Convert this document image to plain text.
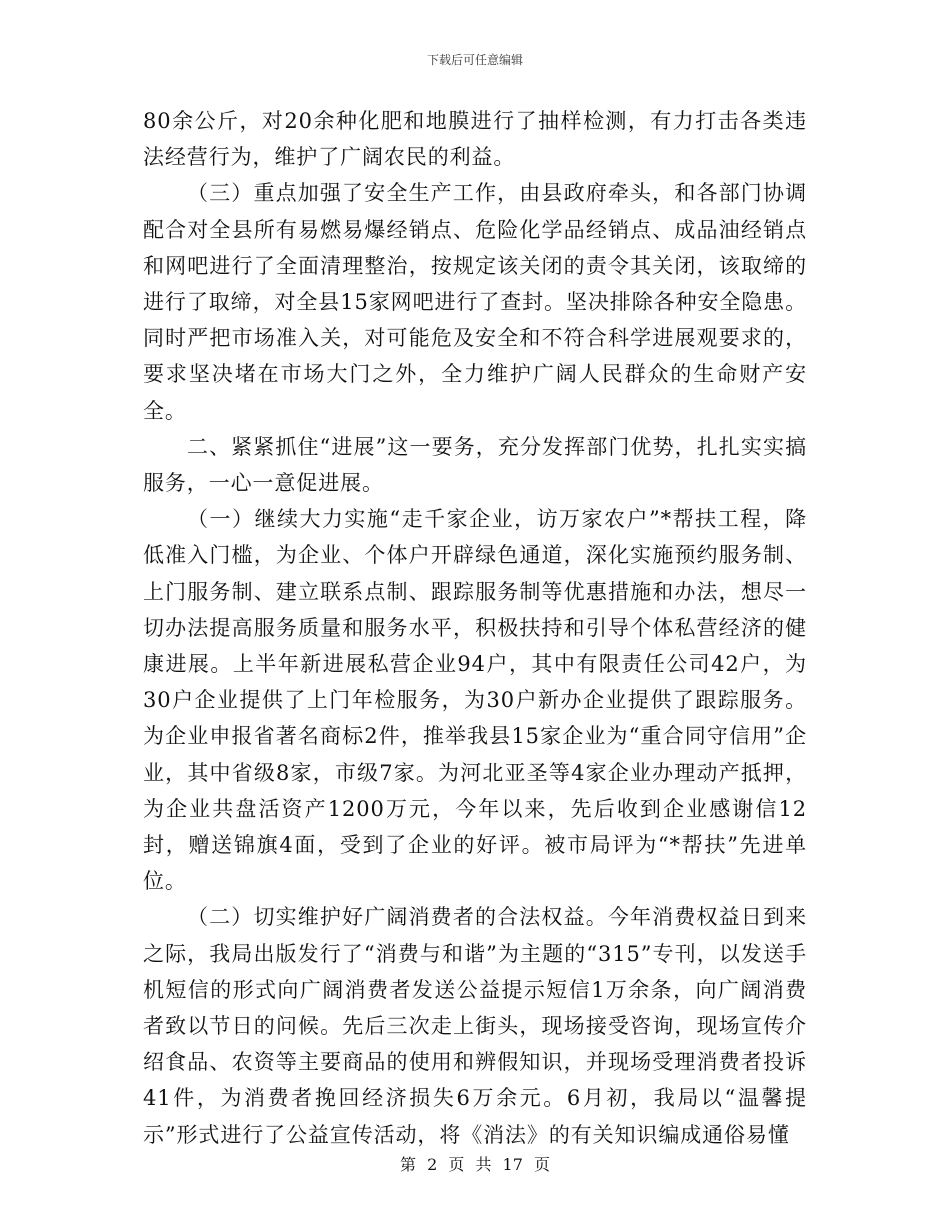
下载后可任意编辑

80余公斤，对20余种化肥和地膜进行了抽样检测，有力打击各类违法经营行为，维护了广阔农民的利益。

（三）重点加强了安全生产工作，由县政府牵头，和各部门协调配合对全县所有易燃易爆经销点、危险化学品经销点、成品油经销点和网吧进行了全面清理整治，按规定该关闭的责令其关闭，该取缔的进行了取缔，对全县15家网吧进行了查封。坚决排除各种安全隐患。同时严把市场准入关，对可能危及安全和不符合科学进展观要求的，要求坚决堵在市场大门之外，全力维护广阔人民群众的生命财产安全。

二、紧紧抓住“进展”这一要务，充分发挥部门优势，扎扎实实搞服务，一心一意促进展。

（一）继续大力实施“走千家企业，访万家农户”*帮扶工程，降低准入门槛，为企业、个体户开辟绿色通道，深化实施预约服务制、上门服务制、建立联系点制、跟踪服务制等优惠措施和办法，想尽一切办法提高服务质量和服务水平，积极扶持和引导个体私营经济的健康进展。上半年新进展私营企业94户，其中有限责任公司42户，为30户企业提供了上门年检服务，为30户新办企业提供了跟踪服务。为企业申报省著名商标2件，推举我县15家企业为“重合同守信用”企业，其中省级8家，市级7家。为河北亚圣等4家企业办理动产抵押，为企业共盘活资产1200万元，今年以来，先后收到企业感谢信12封，赠送锦旗4面，受到了企业的好评。被市局评为“*帮扶”先进单位。

（二）切实维护好广阔消费者的合法权益。今年消费权益日到来之际，我局出版发行了“消费与和谐”为主题的“315”专刊，以发送手机短信的形式向广阔消费者发送公益提示短信1万余条，向广阔消费者致以节日的问候。先后三次走上街头，现场接受咨询，现场宣传介绍食品、农资等主要商品的使用和辨假知识，并现场受理消费者投诉41件，为消费者挽回经济损失6万余元。6月初，我局以“温馨提示”形式进行了公益宣传活动，将《消法》的有关知识编成通俗易懂

第 2 页 共 17 页
